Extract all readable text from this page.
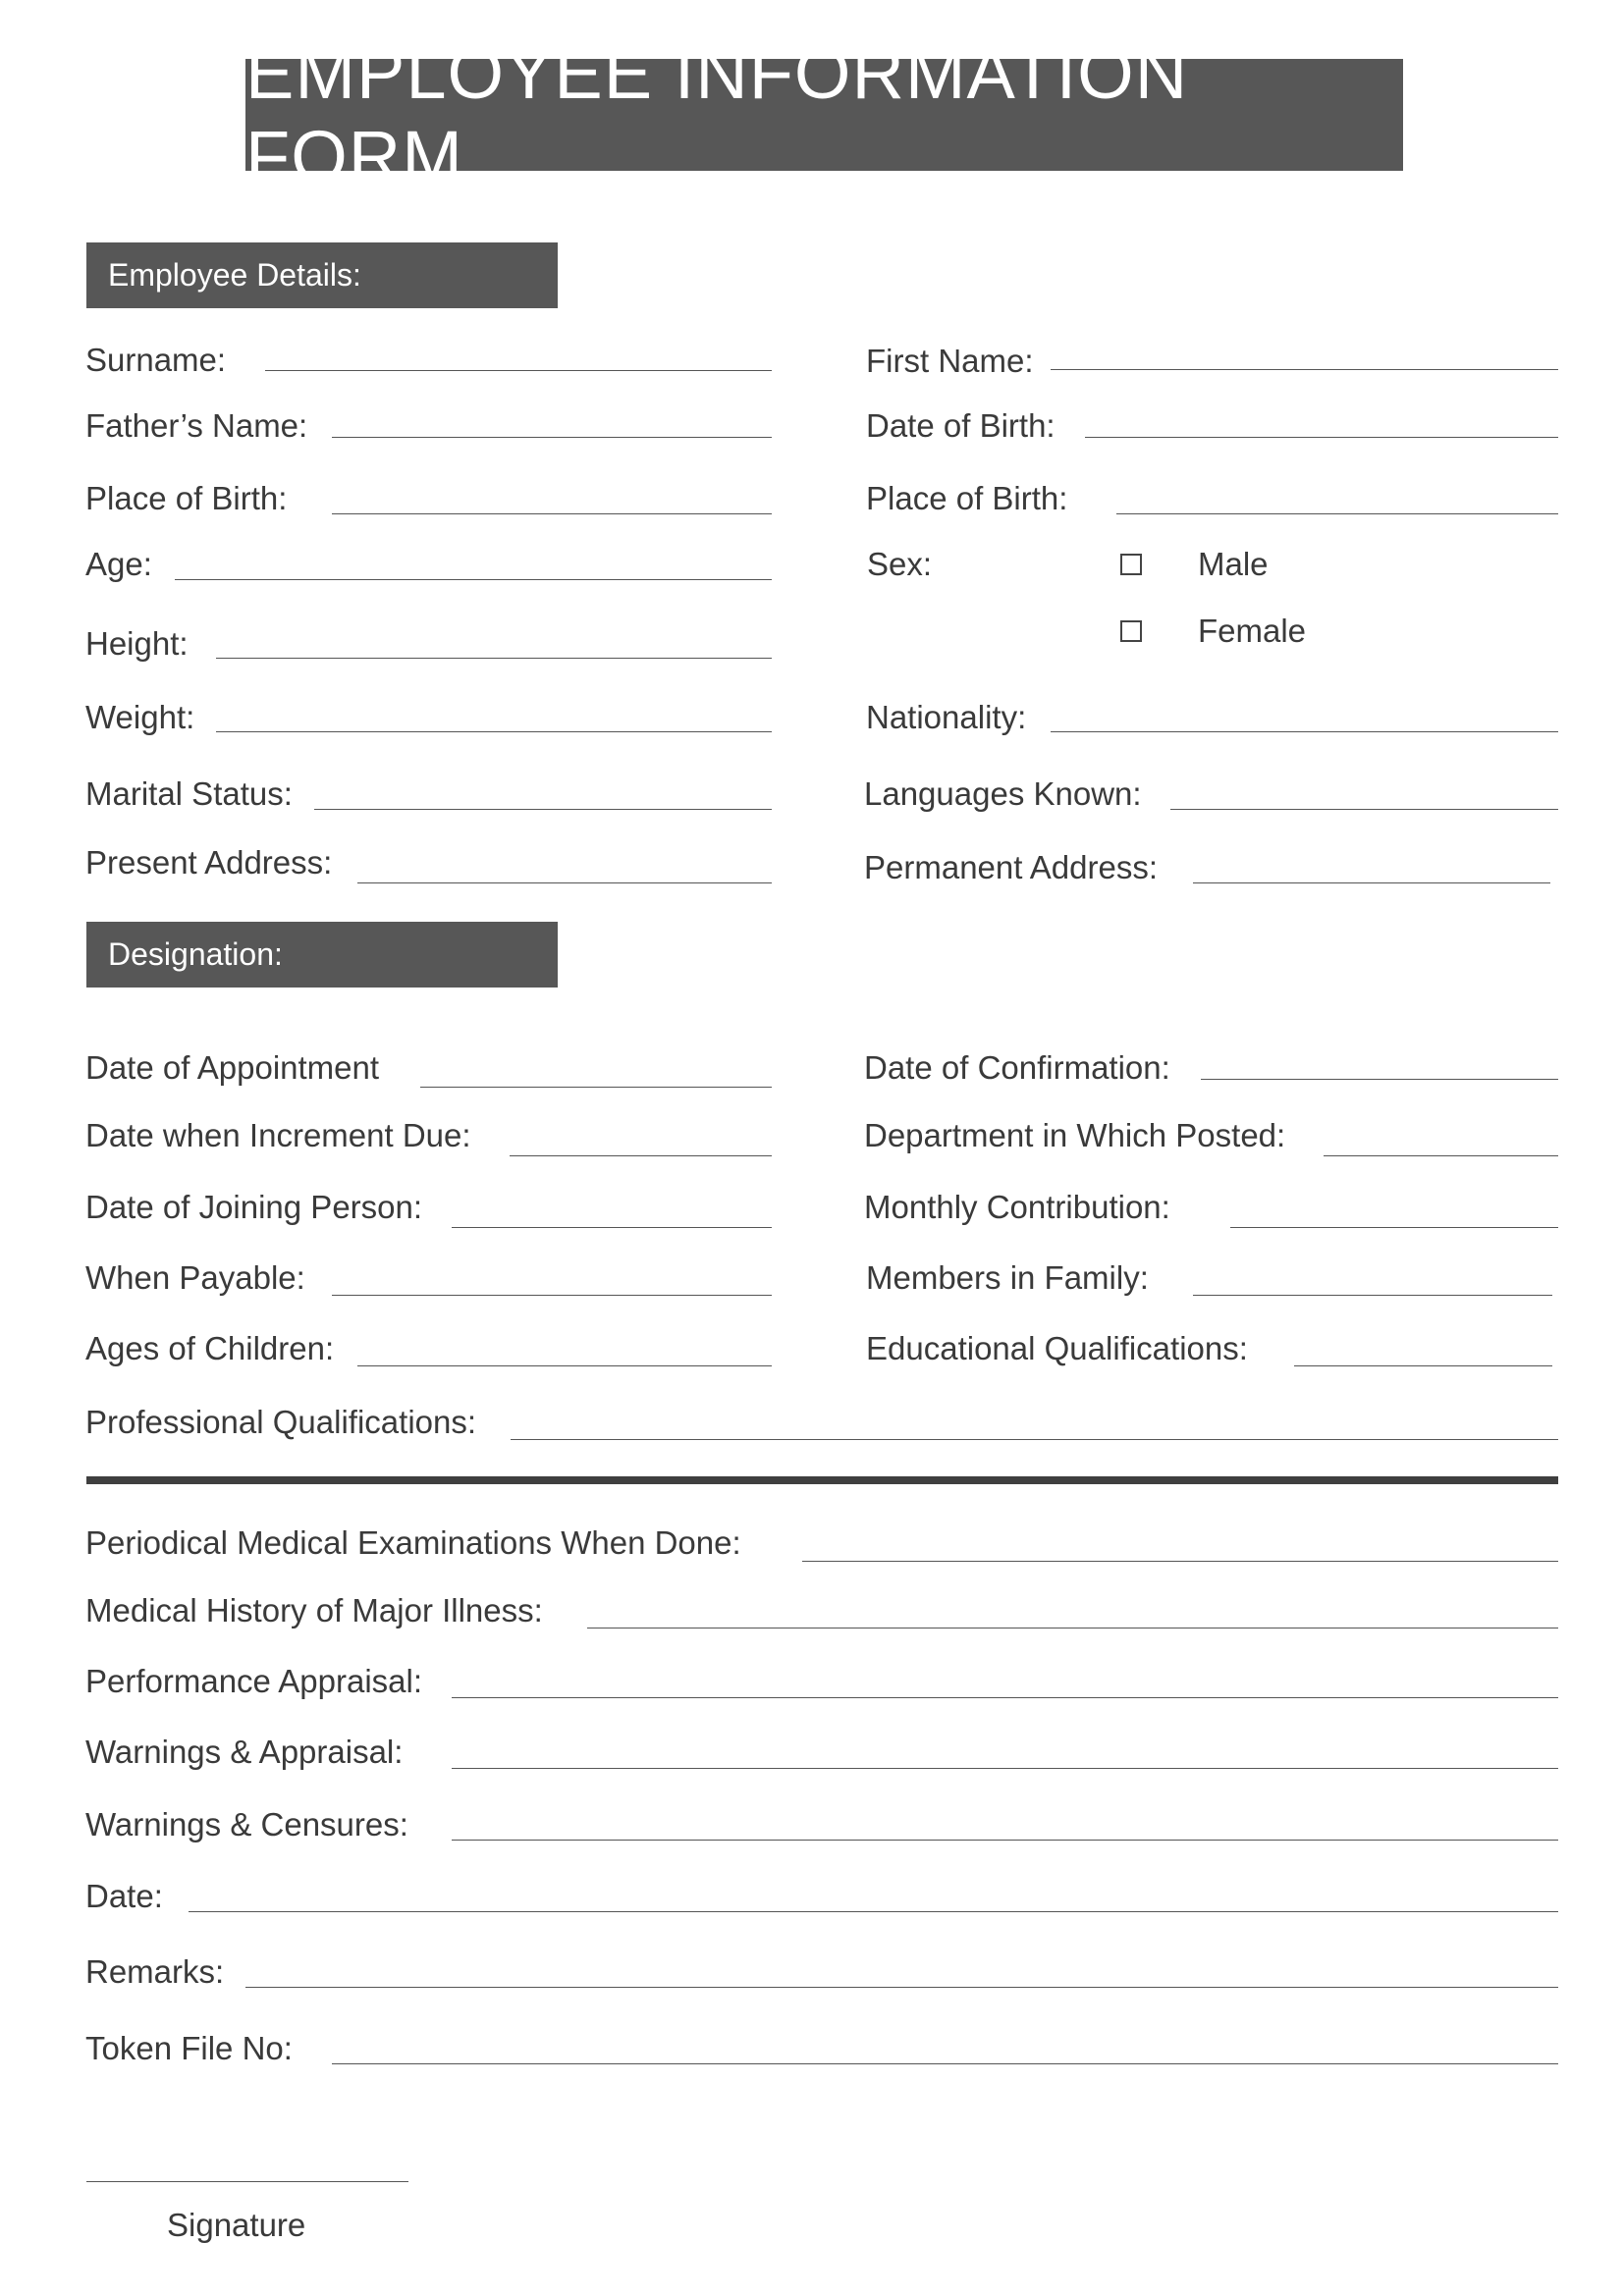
EMPLOYEE INFORMATION FORM
Employee Details:
Surname:
Father’s Name:
Place of Birth:
Age:
Height:
Weight:
Marital Status:
Present Address:
First Name:
Date of Birth:
Place of Birth:
Sex:	Male
Female
Nationality:
Languages Known:
Permanent Address:
Designation:
Date of Appointment
Date when Increment Due:
Date of Joining Person:
When Payable:
Ages of Children:
Date of Confirmation:
Department in Which Posted:
Monthly Contribution:
Members in Family:
Educational Qualifications:
Professional Qualifications:
Periodical Medical Examinations When Done:
Medical History of Major Illness:
Performance Appraisal:
Warnings & Appraisal:
Warnings & Censures:
Date:
Remarks:
Token File No:
Signature
